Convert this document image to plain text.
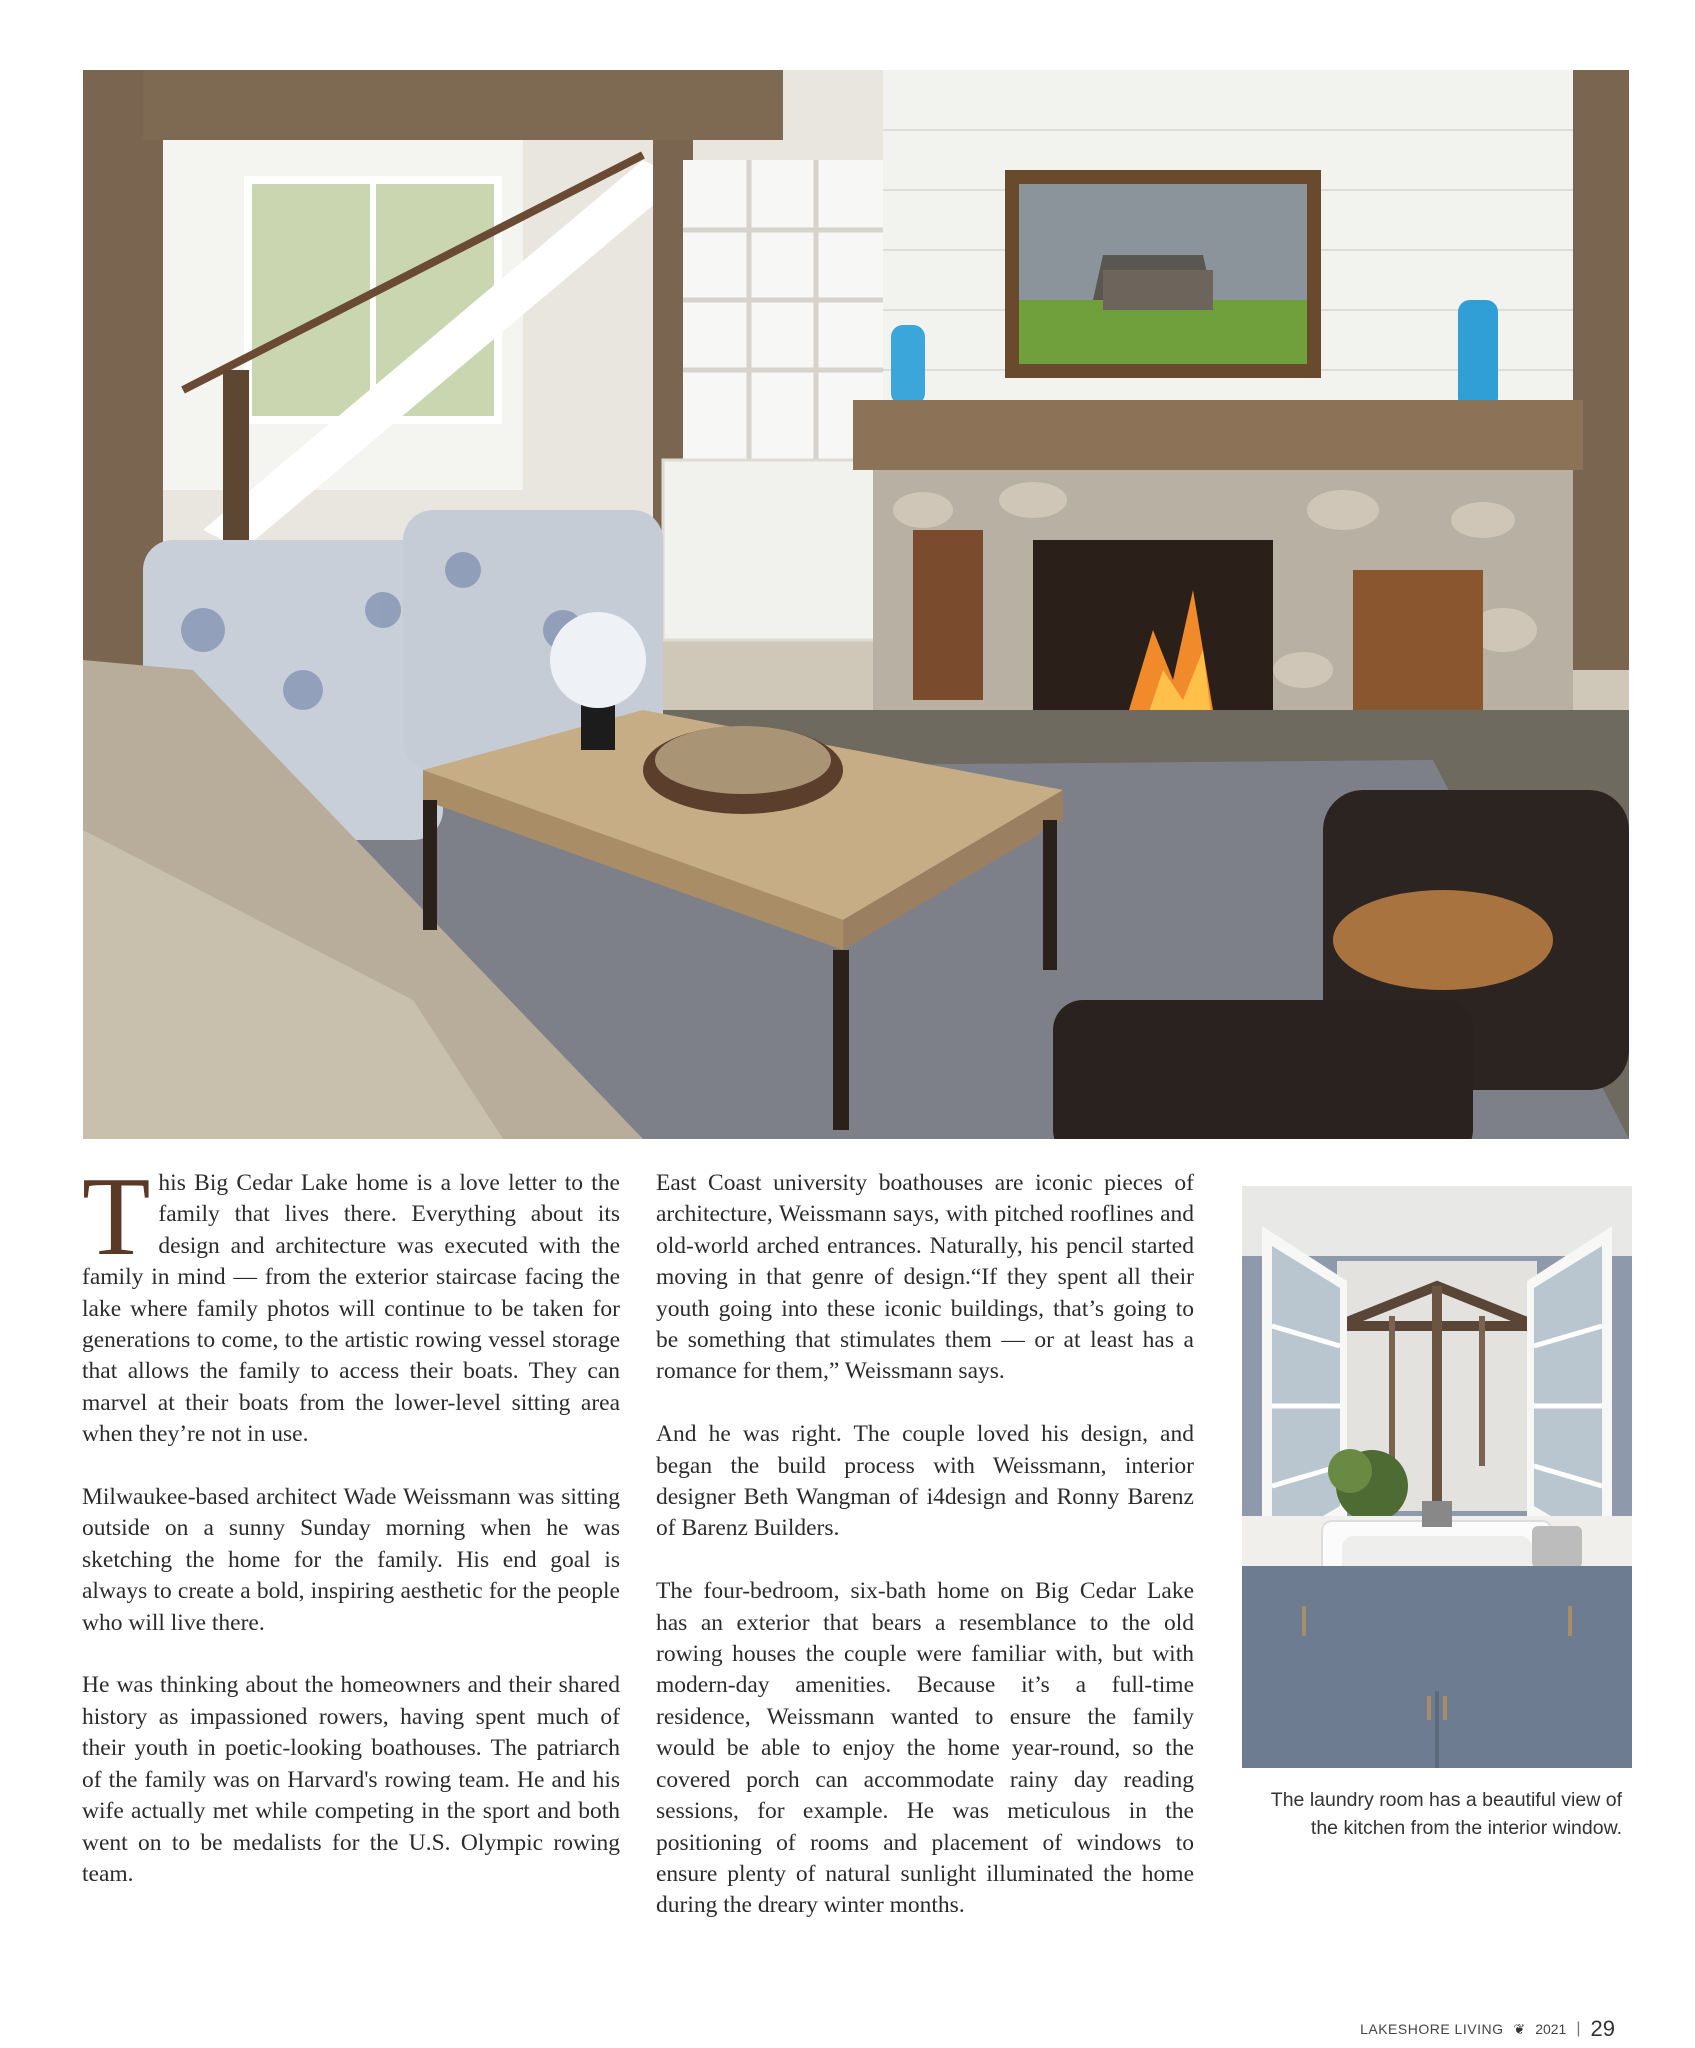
This Big Cedar Lake home is a love letter to the family that lives there. Everything about its design and architecture was executed with the family in mind — from the exterior staircase facing the lake where family photos will continue to be taken for generations to come, to the artistic rowing vessel storage that allows the family to access their boats. They can marvel at their boats from the lower-level sitting area when they’re not in use.

Milwaukee-based architect Wade Weissmann was sitting outside on a sunny Sunday morning when he was sketching the home for the family. His end goal is always to create a bold, inspiring aesthetic for the people who will live there.

He was thinking about the homeowners and their shared history as impassioned rowers, having spent much of their youth in poetic-looking boathouses. The patriarch of the family was on Harvard's rowing team. He and his wife actually met while competing in the sport and both went on to be medalists for the U.S. Olympic rowing team.

East Coast university boathouses are iconic pieces of architecture, Weissmann says, with pitched rooflines and old-world arched entrances. Naturally, his pencil started moving in that genre of design.“If they spent all their youth going into these iconic buildings, that’s going to be something that stimulates them — or at least has a romance for them,” Weissmann says.

And he was right. The couple loved his design, and began the build process with Weissmann, interior designer Beth Wangman of i4design and Ronny Barenz of Barenz Builders.

The four-bedroom, six-bath home on Big Cedar Lake has an exterior that bears a resemblance to the old rowing houses the couple were familiar with, but with modern-day amenities. Because it’s a full-time residence, Weissmann wanted to ensure the family would be able to enjoy the home year-round, so the covered porch can accommodate rainy day reading sessions, for example. He was meticulous in the positioning of rooms and placement of windows to ensure plenty of natural sunlight illuminated the home during the dreary winter months.

The laundry room has a beautiful view of the kitchen from the interior window.
LAKESHORE LIVING ❦ 2021 | 29
